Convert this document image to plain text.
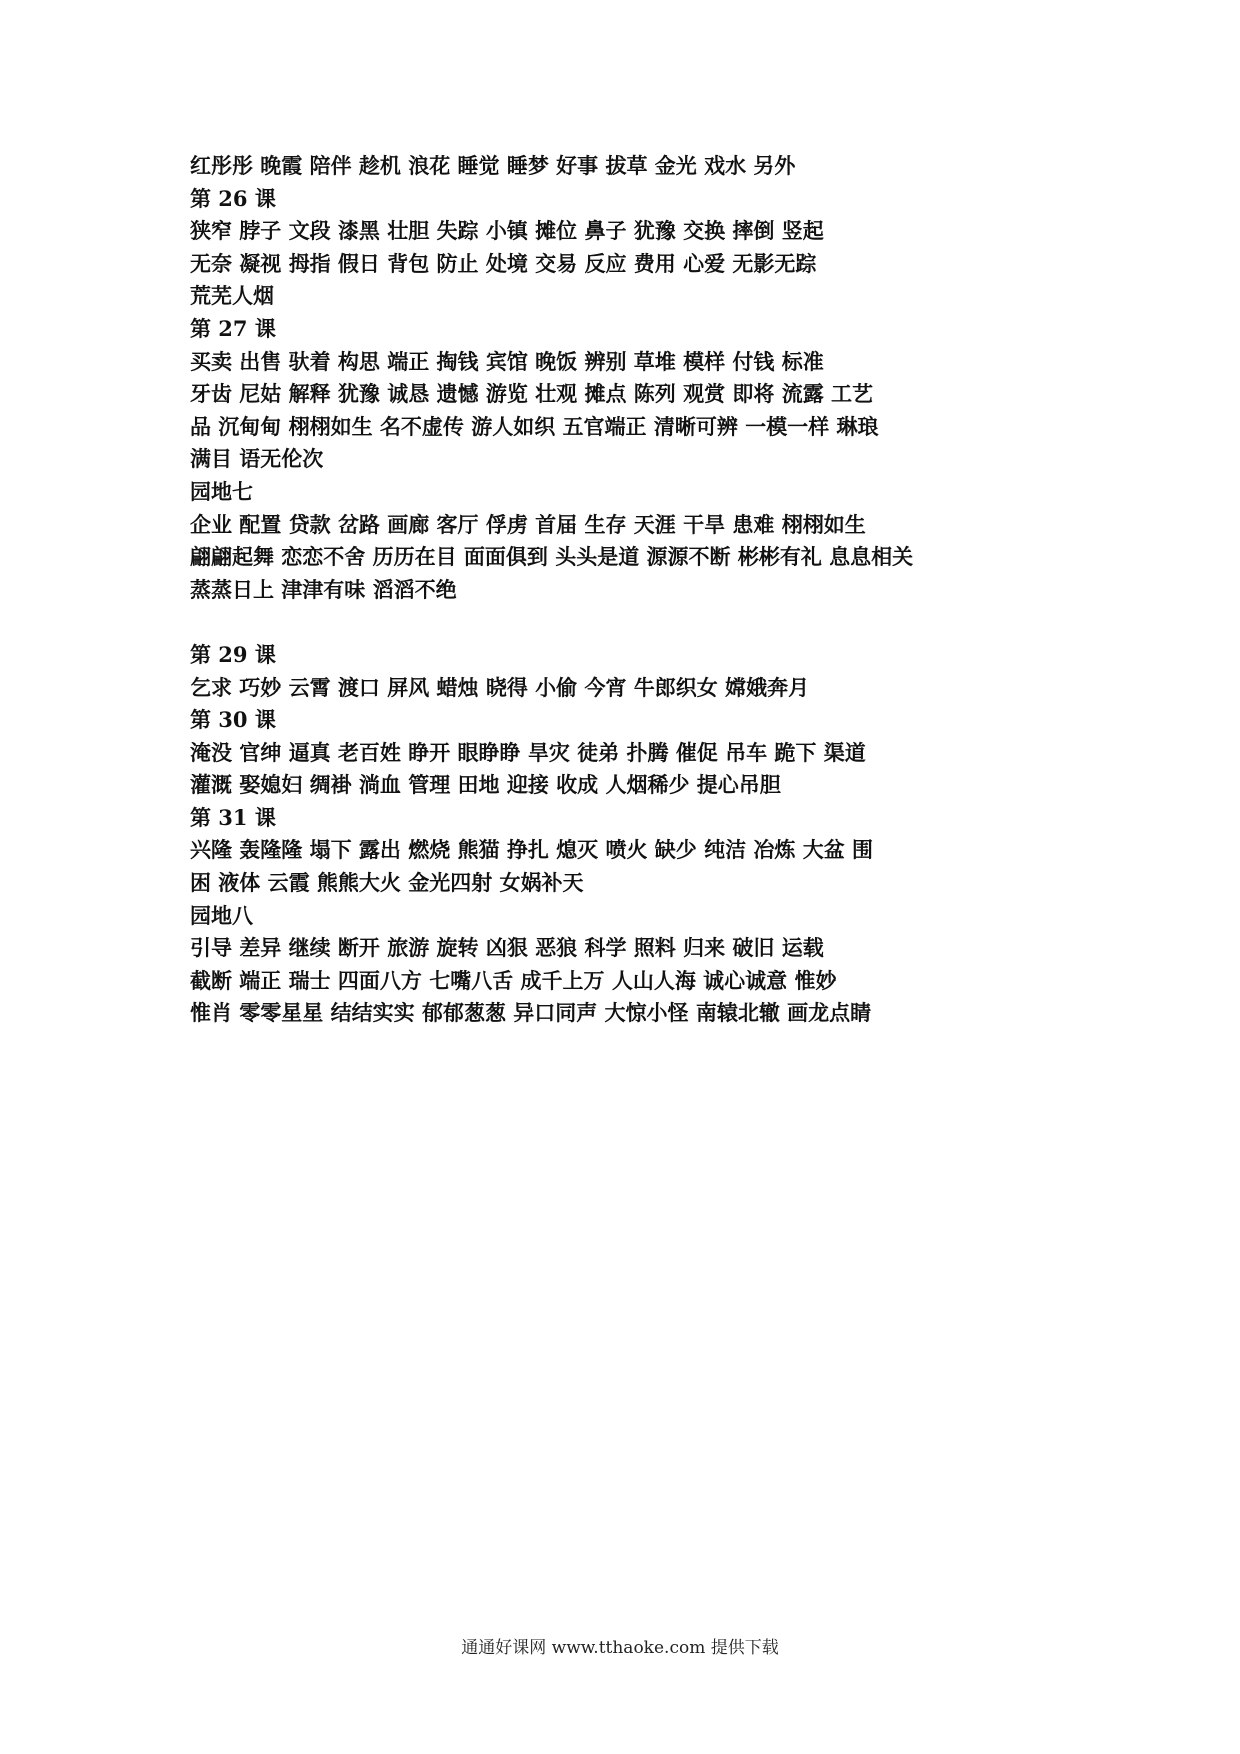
红彤彤 晚霞 陪伴 趁机 浪花 睡觉 睡梦 好事 拔草 金光 戏水 另外
第 26 课
狭窄 脖子 文段 漆黑 壮胆 失踪 小镇 摊位 鼻子 犹豫 交换 摔倒 竖起
无奈 凝视 拇指 假日 背包 防止 处境 交易 反应 费用 心爱 无影无踪
荒芜人烟
第 27 课
买卖 出售 驮着 构思 端正 掏钱 宾馆 晚饭 辨别 草堆 模样 付钱 标准
牙齿 尼姑 解释 犹豫 诚恳 遗憾 游览 壮观 摊点 陈列 观赏 即将 流露 工艺
品 沉甸甸 栩栩如生 名不虚传 游人如织 五官端正 清晰可辨 一模一样 琳琅
满目 语无伦次
园地七
企业 配置 贷款 岔路 画廊 客厅 俘虏 首届 生存 天涯 干旱 患难 栩栩如生
翩翩起舞 恋恋不舍 历历在目 面面俱到 头头是道 源源不断 彬彬有礼 息息相关
蒸蒸日上 津津有味 滔滔不绝
第 29 课
乞求 巧妙 云霄 渡口 屏风 蜡烛 晓得 小偷 今宵 牛郎织女 嫦娥奔月
第 30 课
淹没 官绅 逼真 老百姓 睁开 眼睁睁 旱灾 徒弟 扑腾 催促 吊车 跪下 渠道
灌溉 娶媳妇 绸褂 淌血 管理 田地 迎接 收成 人烟稀少 提心吊胆
第 31 课
兴隆 轰隆隆 塌下 露出 燃烧 熊猫 挣扎 熄灭 喷火 缺少 纯洁 冶炼 大盆 围
困 液体 云霞 熊熊大火 金光四射 女娲补天
园地八
引导 差异 继续 断开 旅游 旋转 凶狠 恶狼 科学 照料 归来 破旧 运载
截断 端正 瑞士 四面八方 七嘴八舌 成千上万 人山人海 诚心诚意 惟妙
惟肖 零零星星 结结实实 郁郁葱葱 异口同声 大惊小怪 南辕北辙 画龙点睛
通通好课网 www.tthaoke.com 提供下载
